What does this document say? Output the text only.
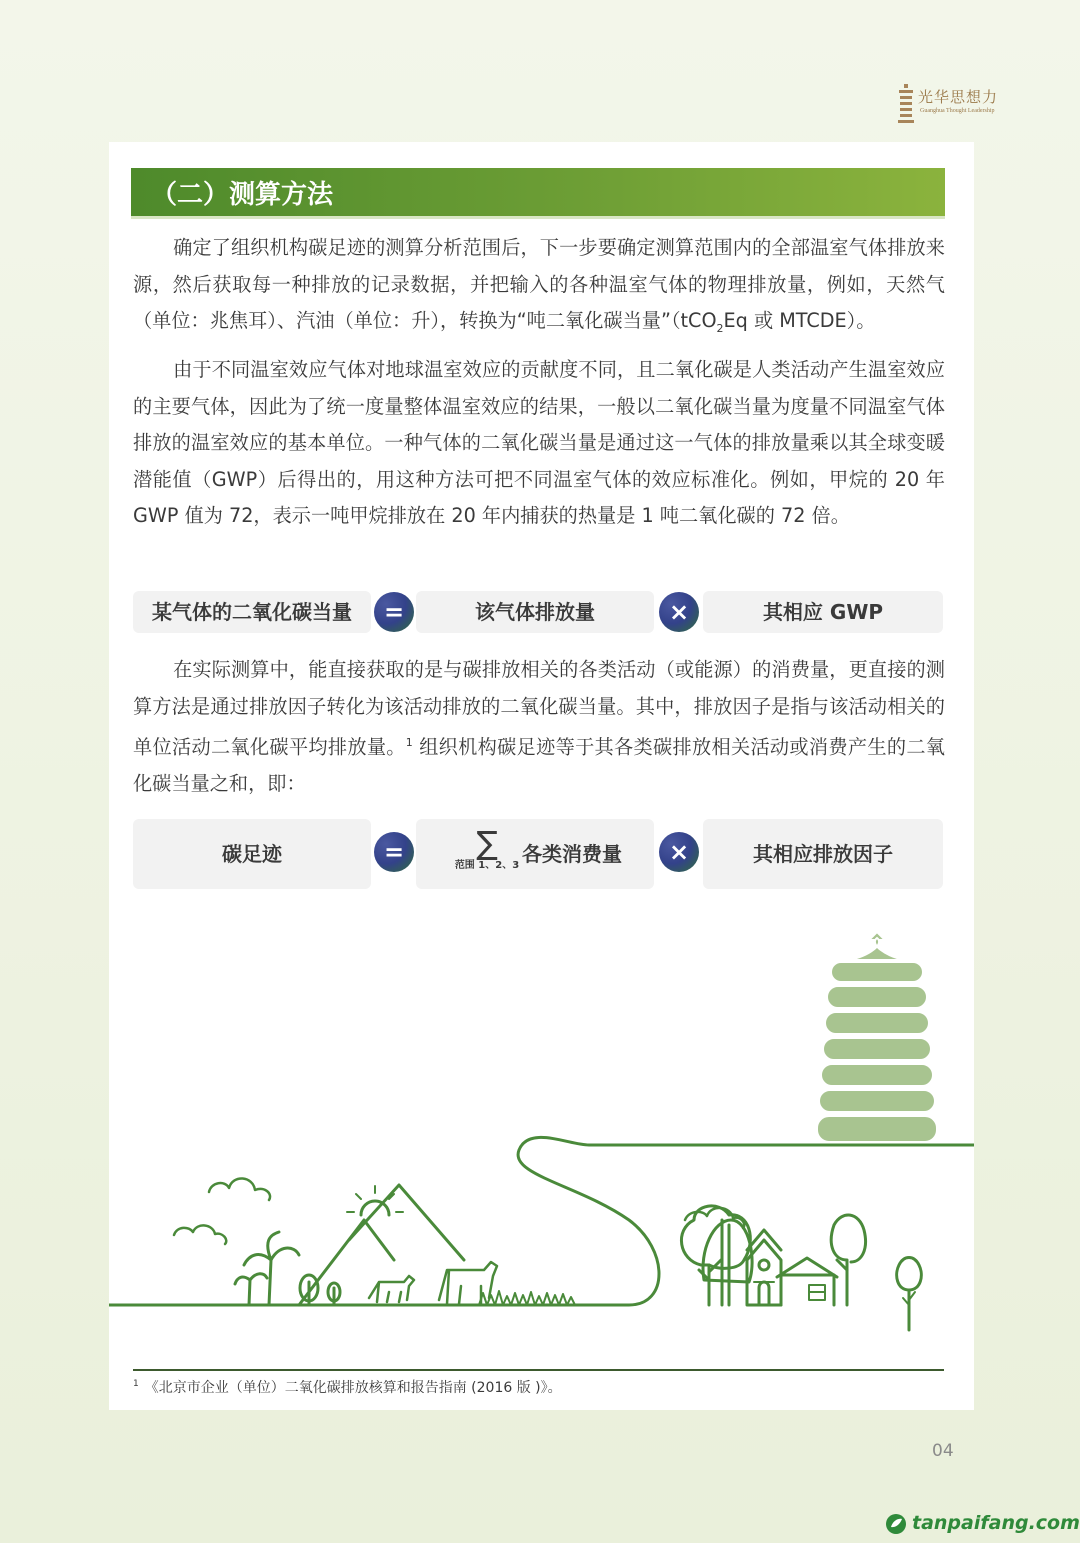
光华思想力
Guanghua Thought Leadership
（二）测算方法

确定了组织机构碳足迹的测算分析范围后，下一步要确定测算范围内的全部温室气体排放来源，然后获取每一种排放的记录数据，并把输入的各种温室气体的物理排放量，例如，天然气（单位：兆焦耳）、汽油（单位：升），转换为“吨二氧化碳当量”（tCO$_2$Eq 或 MTCDE）。

由于不同温室效应气体对地球温室效应的贡献度不同，且二氧化碳是人类活动产生温室效应的主要气体，因此为了统一度量整体温室效应的结果，一般以二氧化碳当量为度量不同温室气体排放的温室效应的基本单位。一种气体的二氧化碳当量是通过这一气体的排放量乘以其全球变暖潜能值（GWP）后得出的，用这种方法可把不同温室气体的效应标准化。例如，甲烷的 20 年 GWP 值为 72，表示一吨甲烷排放在 20 年内捕获的热量是 1 吨二氧化碳的 72 倍。

某气体的二氧化碳当量	=	该气体排放量	×	其相应 GWP

在实际测算中，能直接获取的是与碳排放相关的各类活动（或能源）的消费量，更直接的测算方法是通过排放因子转化为该活动排放的二氧化碳当量。其中，排放因子是指与该活动相关的单位活动二氧化碳平均排放量。$^1$ 组织机构碳足迹等于其各类碳排放相关活动或消费产生的二氧化碳当量之和，即：

碳足迹	=	∑
范围 1、2、3 各类消费量	×	其相应排放因子
$^1$ 《北京市企业（单位）二氧化碳排放核算和报告指南 (2016 版 )》。
04
tanpaifang.com
